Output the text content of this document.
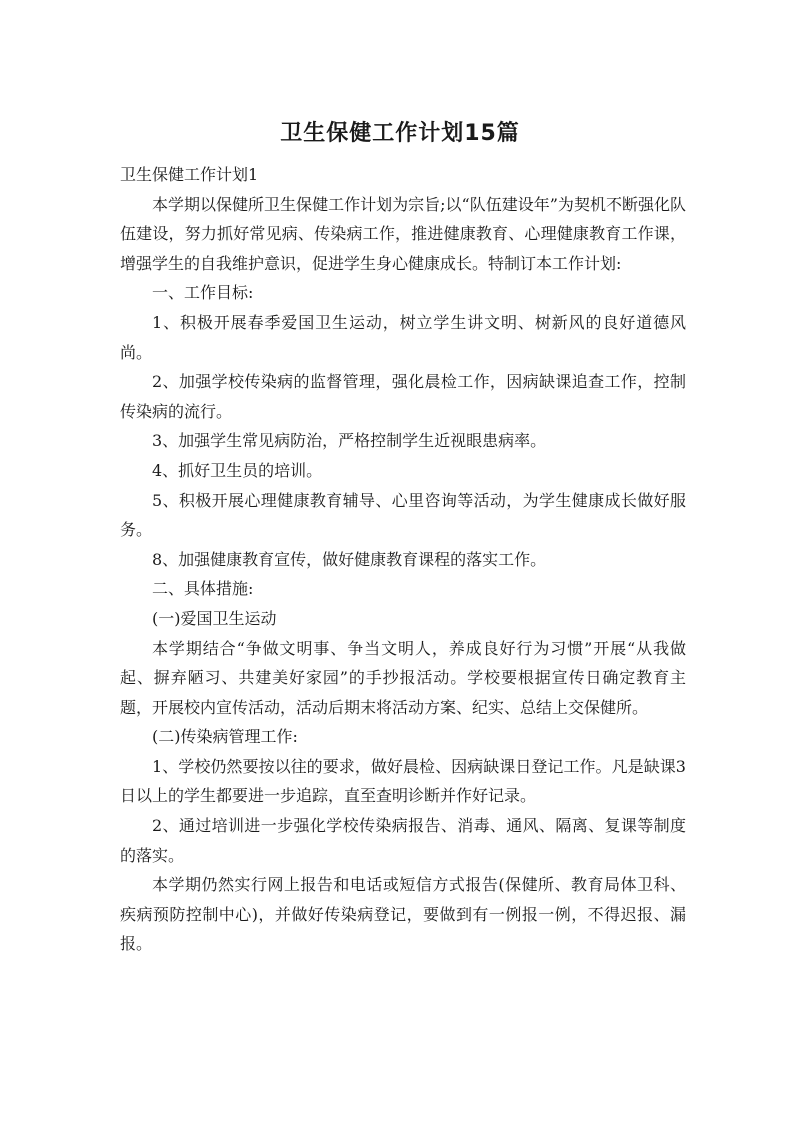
卫生保健工作计划15篇

卫生保健工作计划1

本学期以保健所卫生保健工作计划为宗旨;以“队伍建设年”为契机不断强化队伍建设，努力抓好常见病、传染病工作，推进健康教育、心理健康教育工作课，增强学生的自我维护意识，促进学生身心健康成长。特制订本工作计划:

一、工作目标:

1、积极开展春季爱国卫生运动，树立学生讲文明、树新风的良好道德风尚。

2、加强学校传染病的监督管理，强化晨检工作，因病缺课追查工作，控制传染病的流行。

3、加强学生常见病防治，严格控制学生近视眼患病率。

4、抓好卫生员的培训。

5、积极开展心理健康教育辅导、心里咨询等活动，为学生健康成长做好服务。

8、加强健康教育宣传，做好健康教育课程的落实工作。

二、具体措施:

(一)爱国卫生运动

本学期结合“争做文明事、争当文明人，养成良好行为习惯”开展“从我做起、摒弃陋习、共建美好家园”的手抄报活动。学校要根据宣传日确定教育主题，开展校内宣传活动，活动后期末将活动方案、纪实、总结上交保健所。

(二)传染病管理工作:

1、学校仍然要按以往的要求，做好晨检、因病缺课日登记工作。凡是缺课3日以上的学生都要进一步追踪，直至查明诊断并作好记录。

2、通过培训进一步强化学校传染病报告、消毒、通风、隔离、复课等制度的落实。

本学期仍然实行网上报告和电话或短信方式报告(保健所、教育局体卫科、疾病预防控制中心)，并做好传染病登记，要做到有一例报一例，不得迟报、漏报。
